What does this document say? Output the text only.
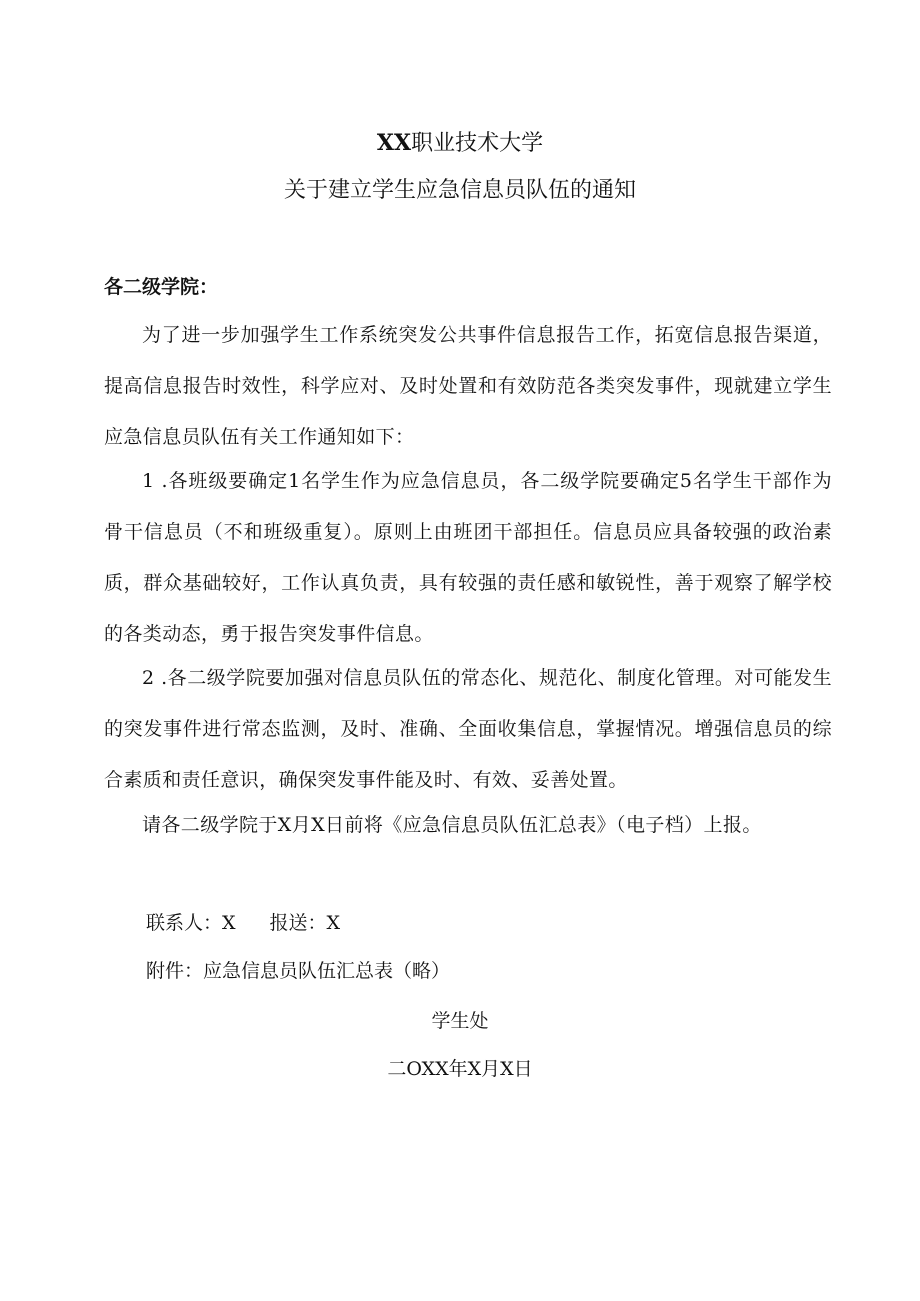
XX职业技术大学
关于建立学生应急信息员队伍的通知
各二级学院：
为了进一步加强学生工作系统突发公共事件信息报告工作，拓宽信息报告渠道，提高信息报告时效性，科学应对、及时处置和有效防范各类突发事件，现就建立学生应急信息员队伍有关工作通知如下：
1 .各班级要确定1名学生作为应急信息员，各二级学院要确定5名学生干部作为骨干信息员（不和班级重复）。原则上由班团干部担任。信息员应具备较强的政治素质，群众基础较好，工作认真负责，具有较强的责任感和敏锐性，善于观察了解学校的各类动态，勇于报告突发事件信息。
2 .各二级学院要加强对信息员队伍的常态化、规范化、制度化管理。对可能发生的突发事件进行常态监测，及时、准确、全面收集信息，掌握情况。增强信息员的综合素质和责任意识，确保突发事件能及时、有效、妥善处置。
请各二级学院于X月X日前将《应急信息员队伍汇总表》（电子档）上报。
联系人：X 报送：X
附件：应急信息员队伍汇总表（略）
学生处
二OXX年X月X日
